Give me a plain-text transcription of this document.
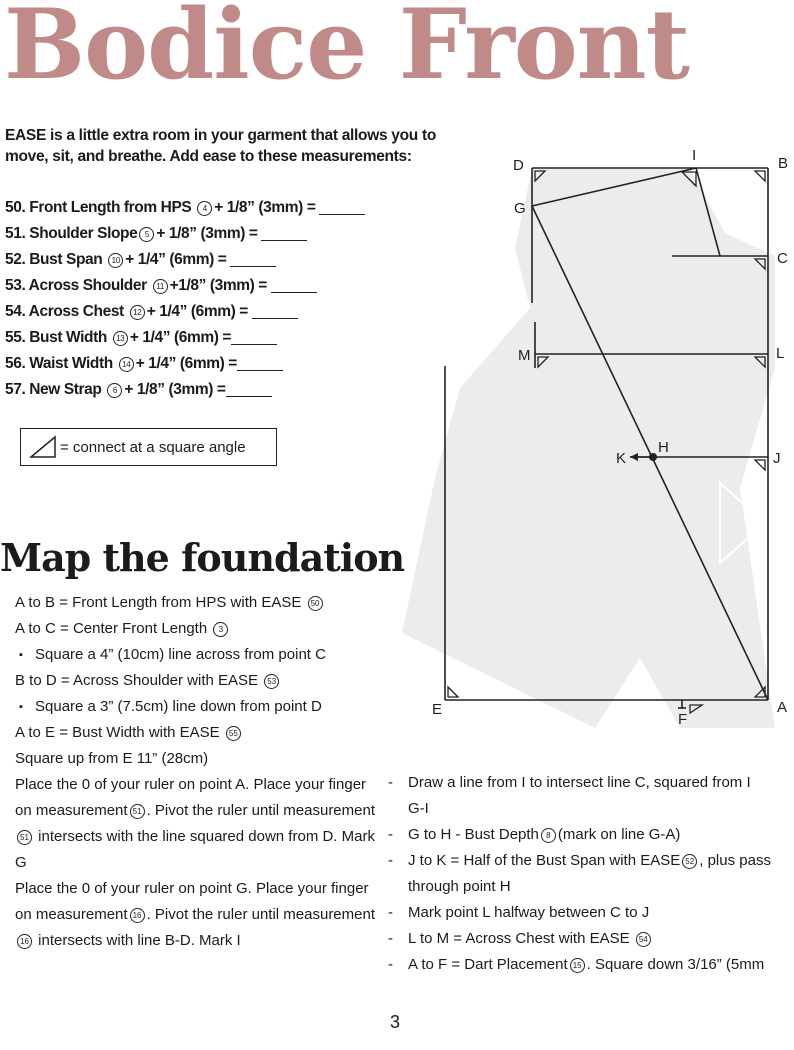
Bodice Front
EASE is a little extra room in your garment that allows you to move, sit, and breathe. Add ease to these measurements:
50. Front Length from HPS 4 + 1/8” (3mm) =
51. Shoulder Slope 5 + 1/8” (3mm) =
52. Bust Span 10 + 1/4” (6mm) =
53. Across Shoulder 11 +1/8” (3mm) =
54. Across Chest 12 + 1/4” (6mm) =
55. Bust Width 13 + 1/4” (6mm) =
56. Waist Width 14 + 1/4” (6mm) =
57. New Strap 6 + 1/8” (3mm) =
= connect at a square angle
Map the foundation
A to B = Front Length from HPS with EASE 50
A to C = Center Front Length 3
▪ Square a 4” (10cm) line across from point C
B to D = Across Shoulder with EASE 53
▪ Square a 3” (7.5cm) line down from point D
A to E = Bust Width with EASE 55
Square up from E 11” (28cm)
Place the 0 of your ruler on point A. Place your finger on measurement 51 . Pivot the ruler until measurement 51 intersects with the line squared down from D. Mark G
Place the 0 of your ruler on point G. Place your finger on measurement 16 . Pivot the ruler until measurement 16 intersects with line B-D. Mark I
-	Draw a line from I to intersect line C, squared from I
G-I
-	G to H - Bust Depth 8 (mark on line G-A)
-	J to K = Half of the Bust Span with EASE 52 , plus pass
through point H
-	Mark point L halfway between C to J
-	L to M = Across Chest with EASE 54
-	A to F = Dart Placement 15 . Square down 3/16” (5mm
D
I	B
G
C
M	L
K
H
J
E
F
A
3
